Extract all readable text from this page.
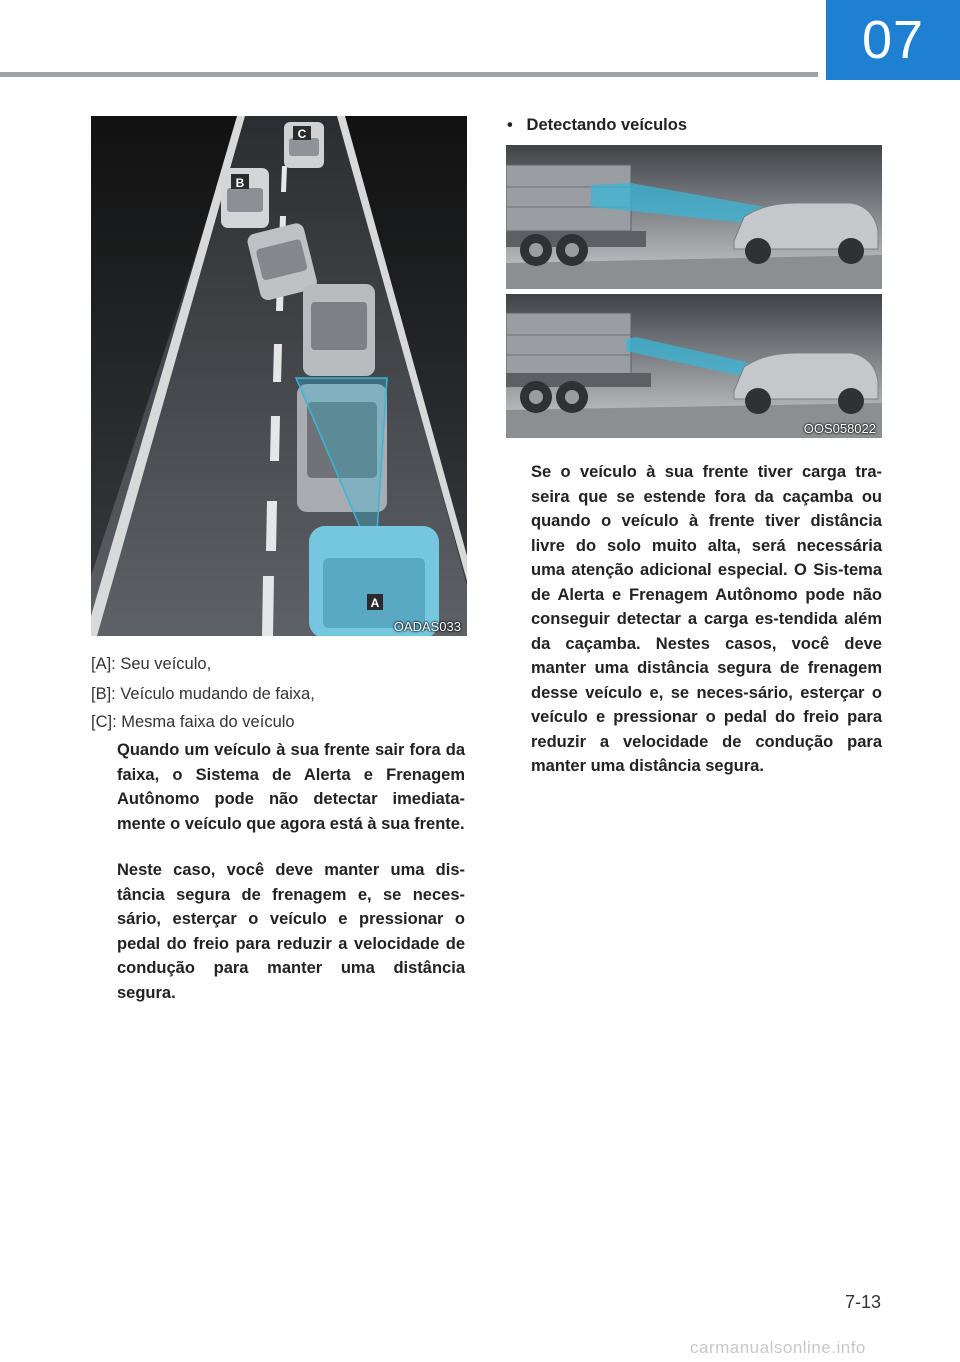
07
C
B
A
OADAS033
[A]: Seu veículo,
[B]: Veículo mudando de faixa,
[C]: Mesma faixa do veículo

Quando um veículo à sua frente sair fora da faixa, o Sistema de Alerta e Frenagem Autônomo pode não detectar imediata-mente o veículo que agora está à sua frente.

Neste caso, você deve manter uma dis-tância segura de frenagem e, se neces-sário, esterçar o veículo e pressionar o pedal do freio para reduzir a velocidade de condução para manter uma distância segura.

• Detectando veículos
OOS058022

Se o veículo à sua frente tiver carga tra-seira que se estende fora da caçamba ou quando o veículo à frente tiver distância livre do solo muito alta, será necessária uma atenção adicional especial. O Sis-tema de Alerta e Frenagem Autônomo pode não conseguir detectar a carga es-tendida além da caçamba. Nestes casos, você deve manter uma distância segura de frenagem desse veículo e, se neces-sário, esterçar o veículo e pressionar o pedal do freio para reduzir a velocidade de condução para manter uma distância segura.

7-13
carmanualsonline.info
